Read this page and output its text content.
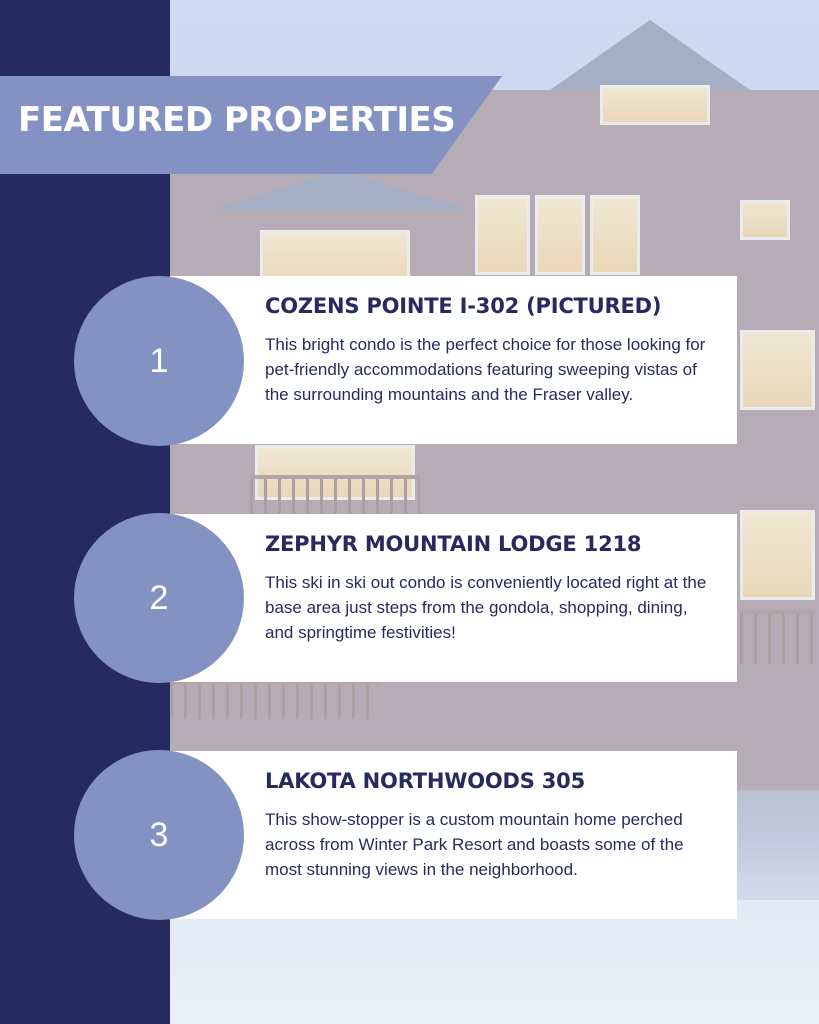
FEATURED PROPERTIES
COZENS POINTE I-302 (PICTURED)

This bright condo is the perfect choice for those looking for pet-friendly accommodations featuring sweeping vistas of the surrounding mountains and the Fraser valley.

1
ZEPHYR MOUNTAIN LODGE 1218

This ski in ski out condo is conveniently located right at the base area just steps from the gondola, shopping, dining, and springtime festivities!

2
LAKOTA NORTHWOODS 305

This show-stopper is a custom mountain home perched across from Winter Park Resort and boasts some of the most stunning views in the neighborhood.

3
